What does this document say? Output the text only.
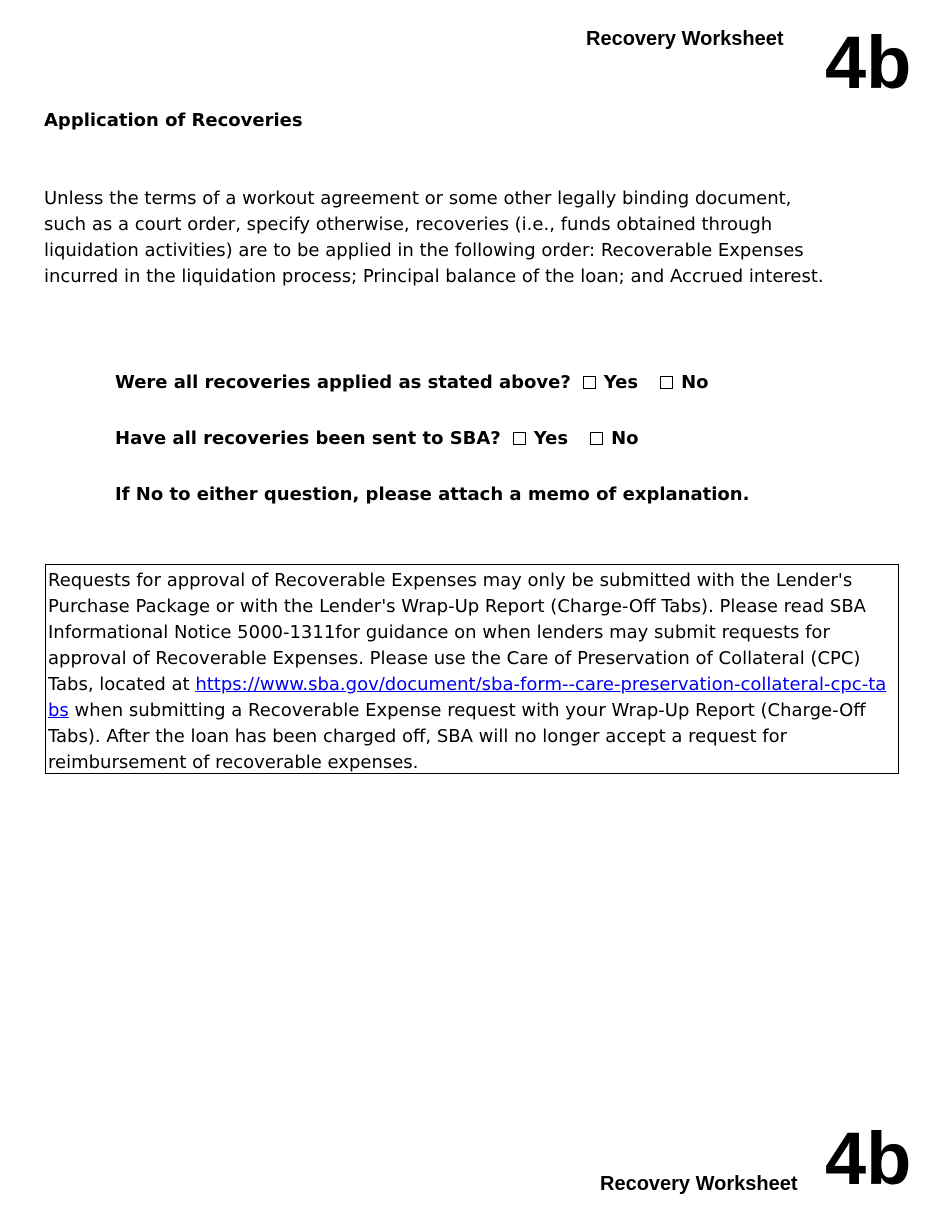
Recovery Worksheet 4b
Application of Recoveries

Unless the terms of a workout agreement or some other legally binding document, such as a court order, specify otherwise, recoveries (i.e., funds obtained through liquidation activities) are to be applied in the following order: Recoverable Expenses incurred in the liquidation process; Principal balance of the loan; and Accrued interest.

Were all recoveries applied as stated above? Yes No
Have all recoveries been sent to SBA? Yes No
If No to either question, please attach a memo of explanation.
Requests for approval of Recoverable Expenses may only be submitted with the Lender's Purchase Package or with the Lender's Wrap-Up Report (Charge-Off Tabs). Please read SBA Informational Notice 5000-1311for guidance on when lenders may submit requests for approval of Recoverable Expenses. Please use the Care of Preservation of Collateral (CPC) Tabs, located at https://www.sba.gov/document/sba-form--care-preservation-collateral-cpc-tabs when submitting a Recoverable Expense request with your Wrap-Up Report (Charge-Off Tabs). After the loan has been charged off, SBA will no longer accept a request for reimbursement of recoverable expenses.
Recovery Worksheet 4b
